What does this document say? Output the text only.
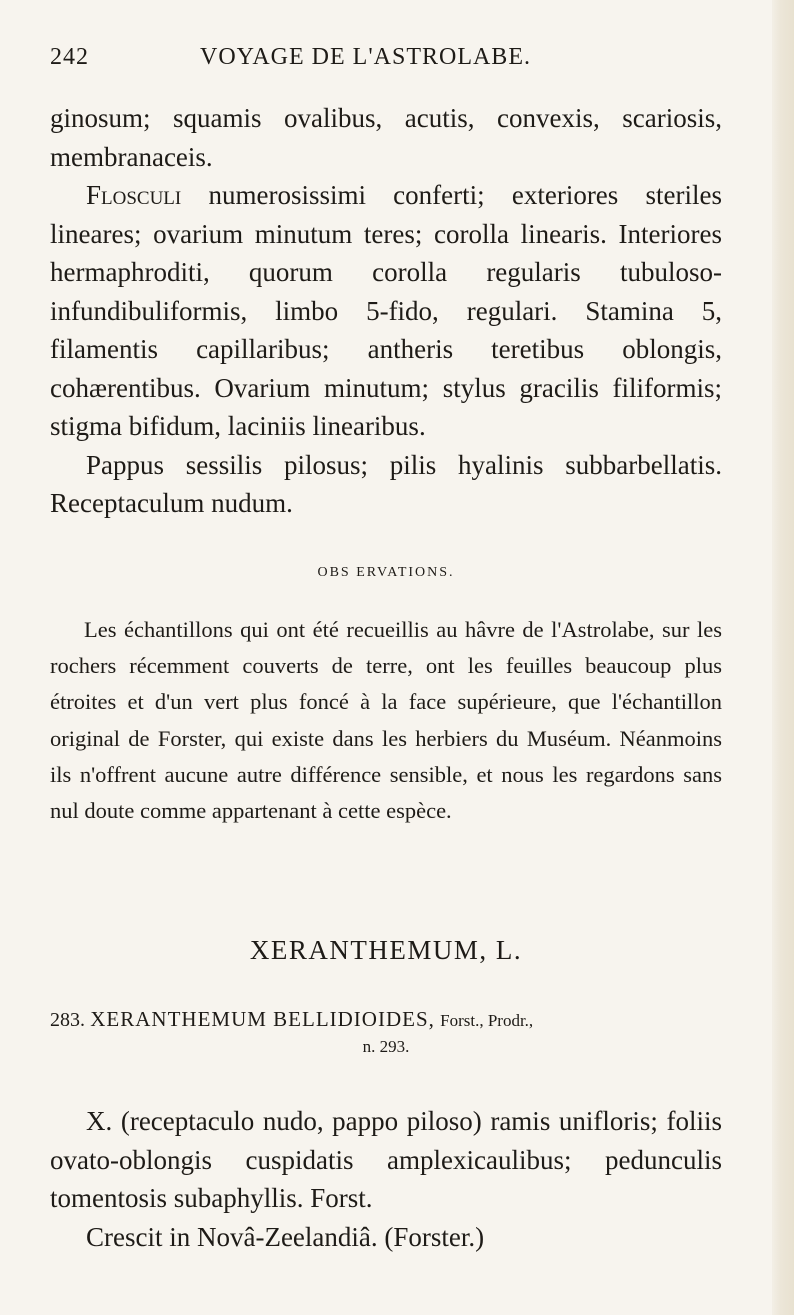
242	VOYAGE DE L'ASTROLABE.

ginosum; squamis ovalibus, acutis, convexis, scariosis, membranaceis.

Flosculi numerosissimi conferti; exteriores steriles lineares; ovarium minutum teres; corolla linearis. Interiores hermaphroditi, quorum corolla regularis tubuloso-infundibuliformis, limbo 5-fido, regulari. Stamina 5, filamentis capillaribus; antheris teretibus oblongis, cohærentibus. Ovarium minutum; stylus gracilis filiformis; stigma bifidum, laciniis linearibus.

Pappus sessilis pilosus; pilis hyalinis subbarbellatis. Receptaculum nudum.

OBS ERVATIONS.

Les échantillons qui ont été recueillis au hâvre de l'Astrolabe, sur les rochers récemment couverts de terre, ont les feuilles beaucoup plus étroites et d'un vert plus foncé à la face supérieure, que l'échantillon original de Forster, qui existe dans les herbiers du Muséum. Néanmoins ils n'offrent aucune autre différence sensible, et nous les regardons sans nul doute comme appartenant à cette espèce.

XERANTHEMUM, L.
283. XERANTHEMUM BELLIDIOIDES, Forst., Prodr.,
n. 293.

X. (receptaculo nudo, pappo piloso) ramis unifloris; foliis ovato-oblongis cuspidatis amplexicaulibus; pedunculis tomentosis subaphyllis. Forst.

Crescit in Novâ-Zeelandiâ. (Forster.)
